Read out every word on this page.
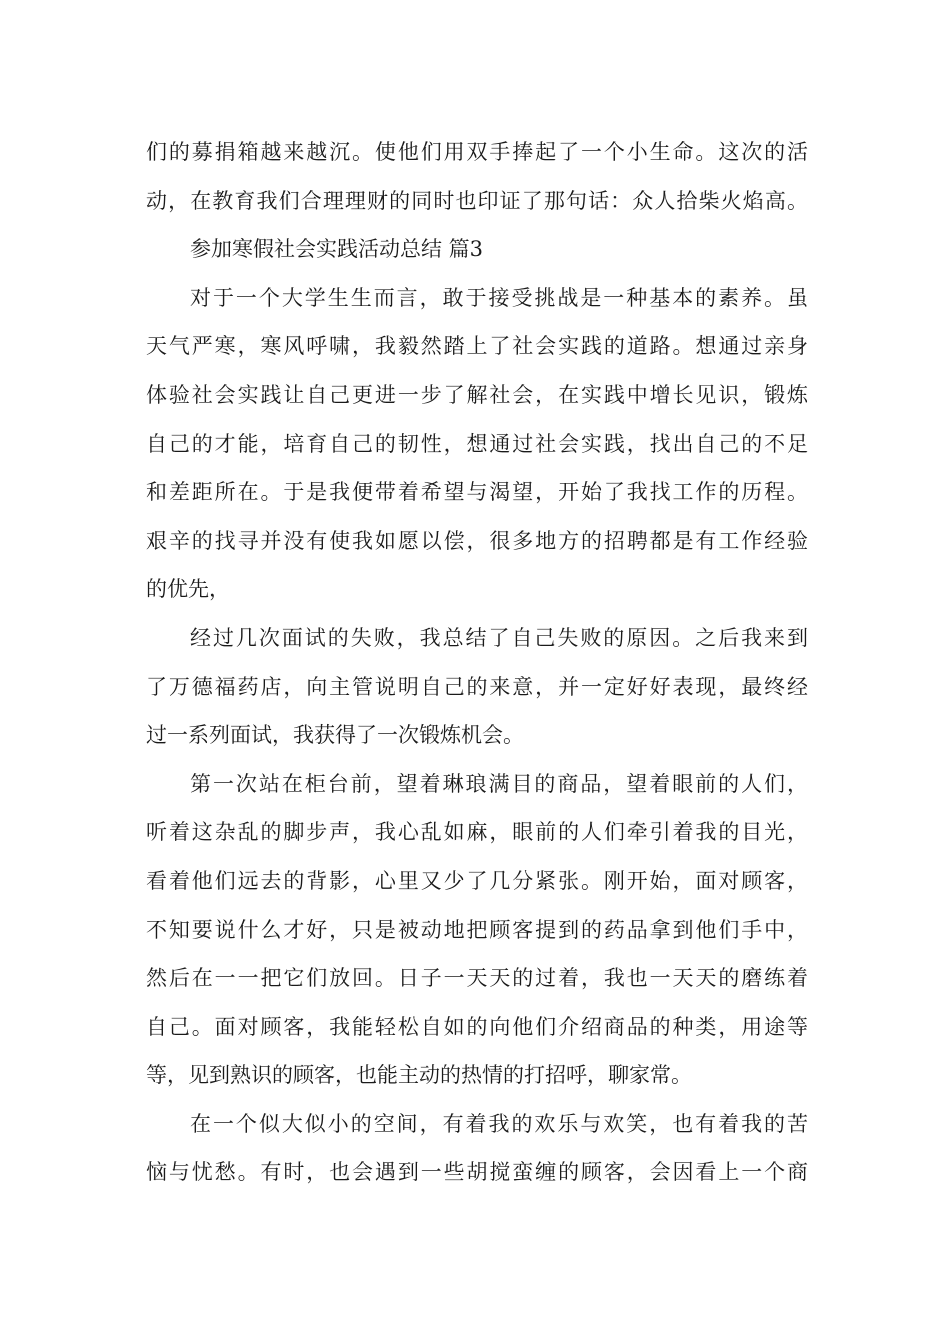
们的募捐箱越来越沉。使他们用双手捧起了一个小生命。这次的活
动，在教育我们合理理财的同时也印证了那句话：众人拾柴火焰高。
参加寒假社会实践活动总结 篇3
对于一个大学生生而言，敢于接受挑战是一种基本的素养。虽
天气严寒，寒风呼啸，我毅然踏上了社会实践的道路。想通过亲身
体验社会实践让自己更进一步了解社会，在实践中增长见识，锻炼
自己的才能，培育自己的韧性，想通过社会实践，找出自己的不足
和差距所在。于是我便带着希望与渴望，开始了我找工作的历程。
艰辛的找寻并没有使我如愿以偿，很多地方的招聘都是有工作经验
的优先，
经过几次面试的失败，我总结了自己失败的原因。之后我来到
了万德福药店，向主管说明自己的来意，并一定好好表现，最终经
过一系列面试，我获得了一次锻炼机会。
第一次站在柜台前，望着琳琅满目的商品，望着眼前的人们，
听着这杂乱的脚步声，我心乱如麻，眼前的人们牵引着我的目光，
看着他们远去的背影，心里又少了几分紧张。刚开始，面对顾客，
不知要说什么才好，只是被动地把顾客提到的药品拿到他们手中，
然后在一一把它们放回。日子一天天的过着，我也一天天的磨练着
自己。面对顾客，我能轻松自如的向他们介绍商品的种类，用途等
等，见到熟识的顾客，也能主动的热情的打招呼，聊家常。
在一个似大似小的空间，有着我的欢乐与欢笑，也有着我的苦
恼与忧愁。有时，也会遇到一些胡搅蛮缠的顾客，会因看上一个商
